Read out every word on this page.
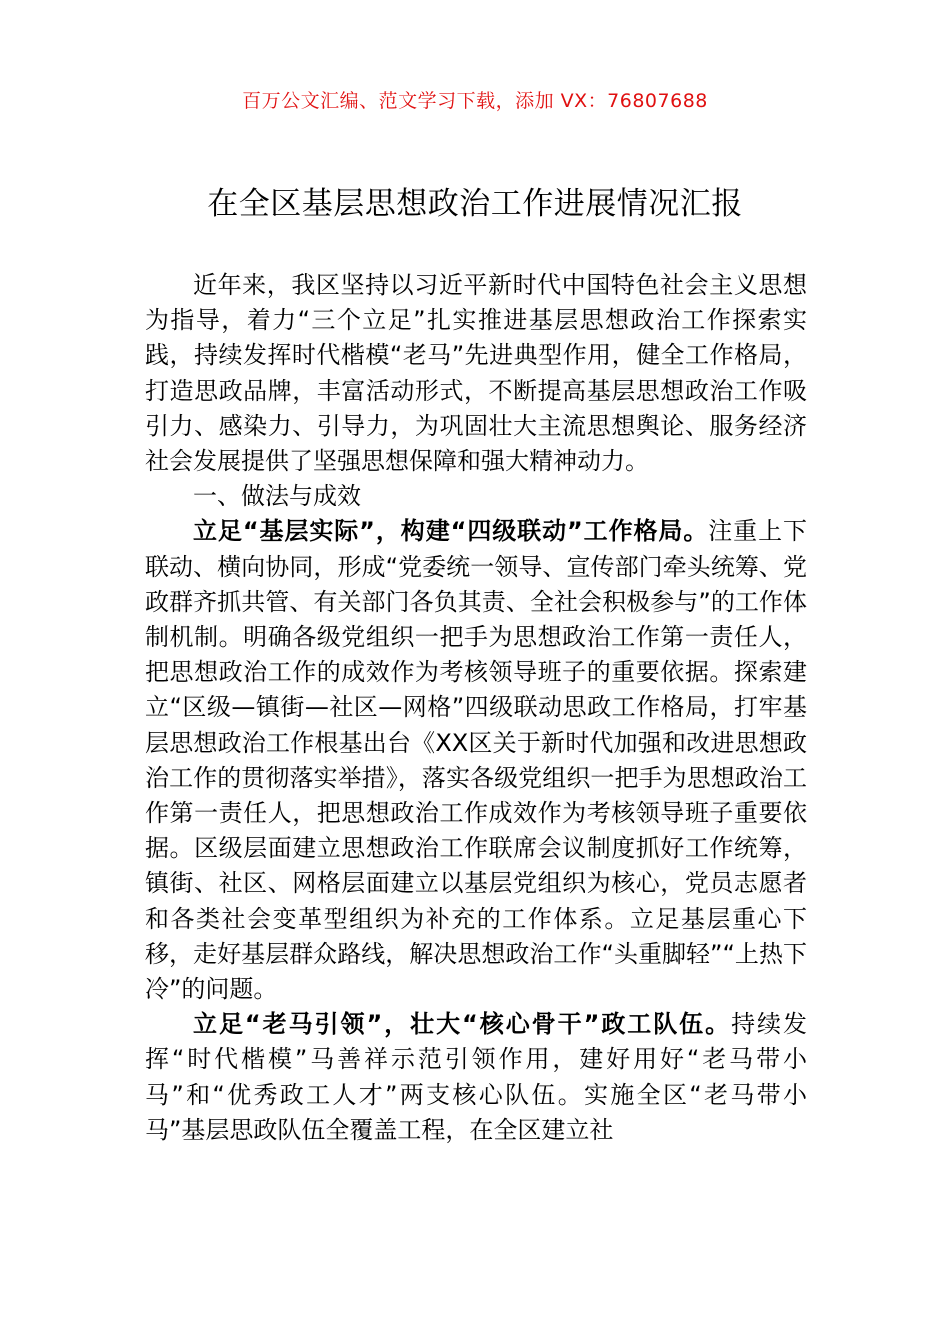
百万公文汇编、范文学习下载，添加 VX：76807688
在全区基层思想政治工作进展情况汇报

近年来，我区坚持以习近平新时代中国特色社会主义思想为指导，着力“三个立足”扎实推进基层思想政治工作探索实践，持续发挥时代楷模“老马”先进典型作用，健全工作格局，打造思政品牌，丰富活动形式，不断提高基层思想政治工作吸引力、感染力、引导力，为巩固壮大主流思想舆论、服务经济社会发展提供了坚强思想保障和强大精神动力。

一、做法与成效

立足“基层实际”，构建“四级联动”工作格局。注重上下联动、横向协同，形成“党委统一领导、宣传部门牵头统筹、党政群齐抓共管、有关部门各负其责、全社会积极参与”的工作体制机制。明确各级党组织一把手为思想政治工作第一责任人，把思想政治工作的成效作为考核领导班子的重要依据。探索建立“区级—镇街—社区—网格”四级联动思政工作格局，打牢基层思想政治工作根基出台《XX区关于新时代加强和改进思想政治工作的贯彻落实举措》，落实各级党组织一把手为思想政治工作第一责任人，把思想政治工作成效作为考核领导班子重要依据。区级层面建立思想政治工作联席会议制度抓好工作统筹，镇街、社区、网格层面建立以基层党组织为核心，党员志愿者和各类社会变革型组织为补充的工作体系。立足基层重心下移，走好基层群众路线，解决思想政治工作“头重脚轻”“上热下冷”的问题。

立足“老马引领”，壮大“核心骨干”政工队伍。持续发挥“时代楷模”马善祥示范引领作用，建好用好“老马带小马”和“优秀政工人才”两支核心队伍。实施全区“老马带小马”基层思政队伍全覆盖工程，在全区建立社
